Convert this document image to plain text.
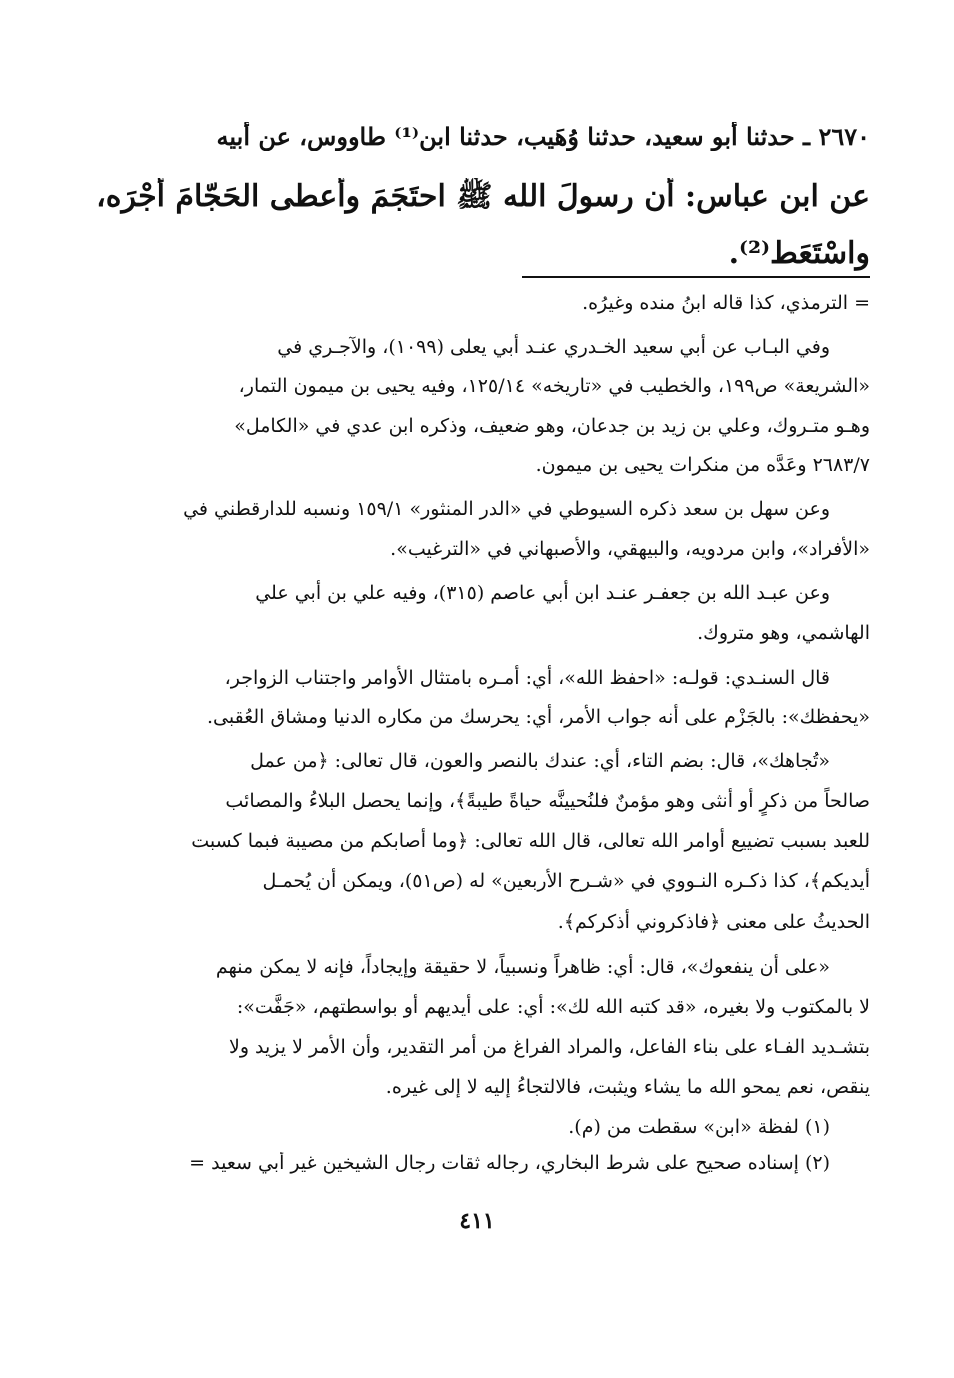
٢٦٧٠ ـ حدثنا أبو سعيد، حدثنا وُهَيب، حدثنا ابن⁽¹⁾ طاووس، عن أبيه
عن ابن عباس: أن رسولَ الله ﷺ احتَجَمَ وأعطى الحَجّامَ أجْرَه،
واسْتَعَط⁽²⁾.
= الترمذي، كذا قاله ابنُ منده وغيرُه.
وفي البـاب عن أبي سعيد الخـدري عنـد أبي يعلى (١٠٩٩)، والآجـري في
«الشريعة» ص١٩٩، والخطيب في «تاريخه» ١٢٥/١٤، وفيه يحيى بن ميمون التمار،
وهـو متـروك، وعلي بن زيد بن جدعان، وهو ضعيف، وذكره ابن عدي في «الكامل»
٢٦٨٣/٧ وعَدَّه من منكرات يحيى بن ميمون.
وعن سهل بن سعد ذكره السيوطي في «الدر المنثور» ١٥٩/١ ونسبه للدارقطني في
«الأفراد»، وابن مردويه، والبيهقي، والأصبهاني في «الترغيب».
وعن عبـد الله بن جعفـر عنـد ابن أبي عاصم (٣١٥)، وفيه علي بن أبي علي
الهاشمي، وهو متروك.
قال السنـدي: قولـه: «احفظ الله»، أي: أمـره بامتثال الأوامر واجتناب الزواجر،
«يحفظك»: بالجَزْم على أنه جواب الأمر، أي: يحرسك من مكاره الدنيا ومشاق العُقبى.
«تُجاهك»، قال: بضم التاء، أي: عندك بالنصر والعون، قال تعالى: ﴿من عمل
صالحاً من ذكرٍ أو أنثى وهو مؤمنٌ فلنُحيينَّه حياةً طيبةً﴾، وإنما يحصل البلاءُ والمصائب
للعبد بسبب تضييع أوامر الله تعالى، قال الله تعالى: ﴿وما أصابكم من مصيبة فبما كسبت
أيديكم﴾، كذا ذكـره النـووي في «شـرح الأربعين» له (ص٥١)، ويمكن أن يُحمـل
الحديثُ على معنى ﴿فاذكروني أذكركم﴾.
«على أن ينفعوك»، قال: أي: ظاهراً ونسبياً، لا حقيقة وإيجاداً، فإنه لا يمكن منهم
لا بالمكتوب ولا بغيره، «قد كتبه الله لك»: أي: على أيديهم أو بواسطتهم، «جَفَّت»:
بتشـديد الفـاء على بناء الفاعل، والمراد الفراغ من أمر التقدير، وأن الأمر لا يزيد ولا
ينقص، نعم يمحو الله ما يشاء ويثبت، فالالتجاءُ إليه لا إلى غيره.
(١) لفظة «ابن» سقطت من (م).
(٢) إسناده صحيح على شرط البخاري، رجاله ثقات رجال الشيخين غير أبي سعيد =
٤١١
